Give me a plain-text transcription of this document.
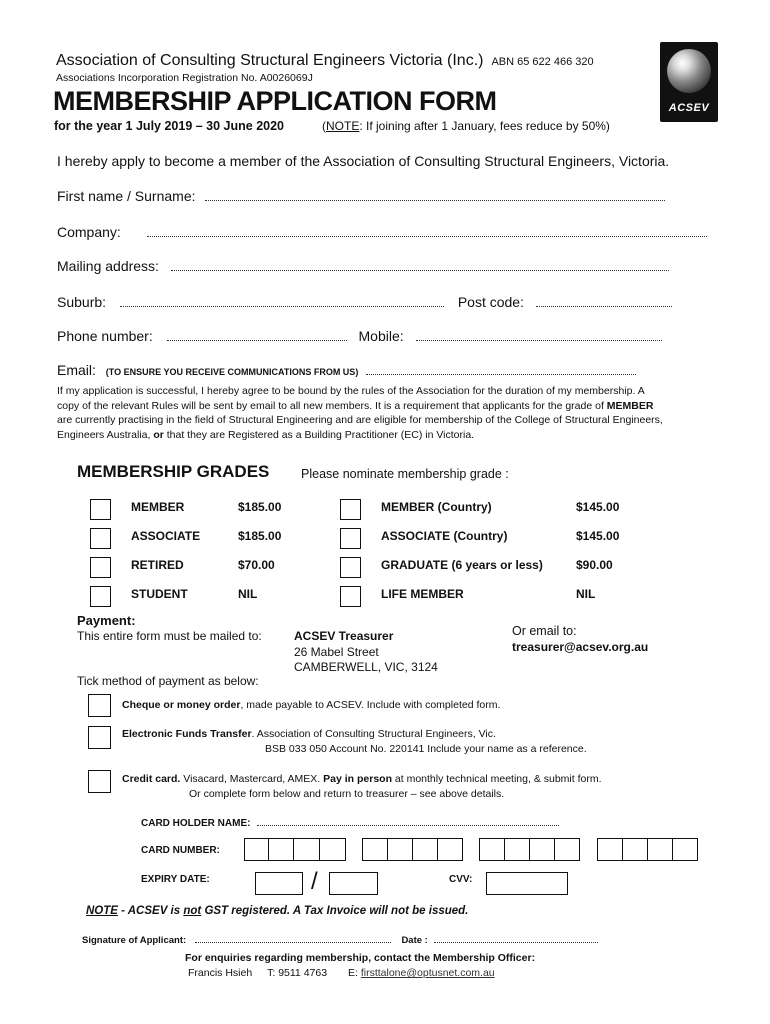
Association of Consulting Structural Engineers Victoria (Inc.) ABN 65 622 466 320
Associations Incorporation Registration No. A0026069J
MEMBERSHIP APPLICATION FORM
for the year 1 July 2019 – 30 June 2020	(NOTE: If joining after 1 January, fees reduce by 50%)
ACSEV
I hereby apply to become a member of the Association of Consulting Structural Engineers, Victoria.
First name / Surname:
Company:
Mailing address:
Suburb:	Post code:
Phone number:	Mobile:
Email: (TO ENSURE YOU RECEIVE COMMUNICATIONS FROM US)
If my application is successful, I hereby agree to be bound by the rules of the Association for the duration of my membership. A copy of the relevant Rules will be sent by email to all new members. It is a requirement that applicants for the grade of MEMBER are currently practising in the field of Structural Engineering and are eligible for membership of the College of Structural Engineers, Engineers Australia, or that they are Registered as a Building Practitioner (EC) in Victoria.
MEMBERSHIP GRADES	Please nominate membership grade :
MEMBER	$185.00
ASSOCIATE	$185.00
RETIRED	$70.00
STUDENT	NIL
MEMBER (Country)	$145.00
ASSOCIATE (Country)	$145.00
GRADUATE (6 years or less)	$90.00
LIFE MEMBER	NIL
Payment:
This entire form must be mailed to:	ACSEV Treasurer
26 Mabel Street
CAMBERWELL, VIC, 3124
Or email to:
treasurer@acsev.org.au
Tick method of payment as below:
Cheque or money order, made payable to ACSEV. Include with completed form.
Electronic Funds Transfer. Association of Consulting Structural Engineers, Vic.
BSB 033 050 Account No. 220141 Include your name as a reference.
Credit card. Visacard, Mastercard, AMEX. Pay in person at monthly technical meeting, & submit form.
Or complete form below and return to treasurer – see above details.
CARD HOLDER NAME:
CARD NUMBER:
EXPIRY DATE:	/	CVV:
NOTE - ACSEV is not GST registered. A Tax Invoice will not be issued.
Signature of Applicant:	Date :
For enquiries regarding membership, contact the Membership Officer:
Francis Hsieh T: 9511 4763 E: firsttalone@optusnet.com.au
